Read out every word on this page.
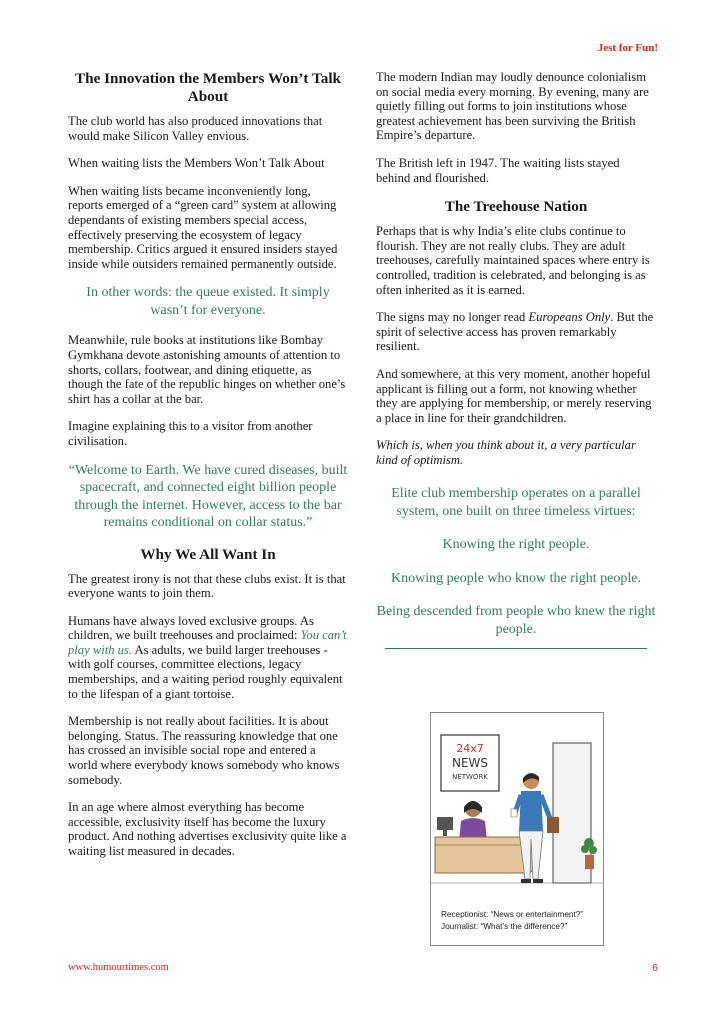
Jest for Fun!
The Innovation the Members Won’t Talk About

The club world has also produced innovations that would make Silicon Valley envious.

When waiting lists the Members Won’t Talk About

When waiting lists became inconveniently long, reports emerged of a “green card” system at allowing dependants of existing members special access, effectively preserving the ecosystem of legacy membership. Critics argued it ensured insiders stayed inside while outsiders remained permanently outside.

In other words: the queue existed. It simply wasn’t for everyone.

Meanwhile, rule books at institutions like Bombay Gymkhana devote astonishing amounts of attention to shorts, collars, footwear, and dining etiquette, as though the fate of the republic hinges on whether one’s shirt has a collar at the bar.

Imagine explaining this to a visitor from another civilisation.

“Welcome to Earth. We have cured diseases, built spacecraft, and connected eight billion people through the internet. However, access to the bar remains conditional on collar status.”
Why We All Want In

The greatest irony is not that these clubs exist. It is that everyone wants to join them.

Humans have always loved exclusive groups. As children, we built treehouses and proclaimed: You can’t play with us. As adults, we build larger treehouses - with golf courses, committee elections, legacy memberships, and a waiting period roughly equivalent to the lifespan of a giant tortoise.

Membership is not really about facilities. It is about belonging. Status. The reassuring knowledge that one has crossed an invisible social rope and entered a world where everybody knows somebody who knows somebody.

In an age where almost everything has become accessible, exclusivity itself has become the luxury product. And nothing advertises exclusivity quite like a waiting list measured in decades.

The modern Indian may loudly denounce colonialism on social media every morning. By evening, many are quietly filling out forms to join institutions whose greatest achievement has been surviving the British Empire’s departure.

The British left in 1947. The waiting lists stayed behind and flourished.

The Treehouse Nation

Perhaps that is why India’s elite clubs continue to flourish. They are not really clubs. They are adult treehouses, carefully maintained spaces where entry is controlled, tradition is celebrated, and belonging is as often inherited as it is earned.

The signs may no longer read Europeans Only. But the spirit of selective access has proven remarkably resilient.

And somewhere, at this very moment, another hopeful applicant is filling out a form, not knowing whether they are applying for membership, or merely reserving a place in line for their grandchildren.

Which is, when you think about it, a very particular kind of optimism.

Elite club membership operates on a parallel system, one built on three timeless virtues:
Knowing the right people.
Knowing people who know the right people.
Being descended from people who knew the right people.
24x7
NEWS
NETWORK
Receptionist: “News or entertainment?”
Journalist: “What’s the difference?”
www.humourtimes.com	6
